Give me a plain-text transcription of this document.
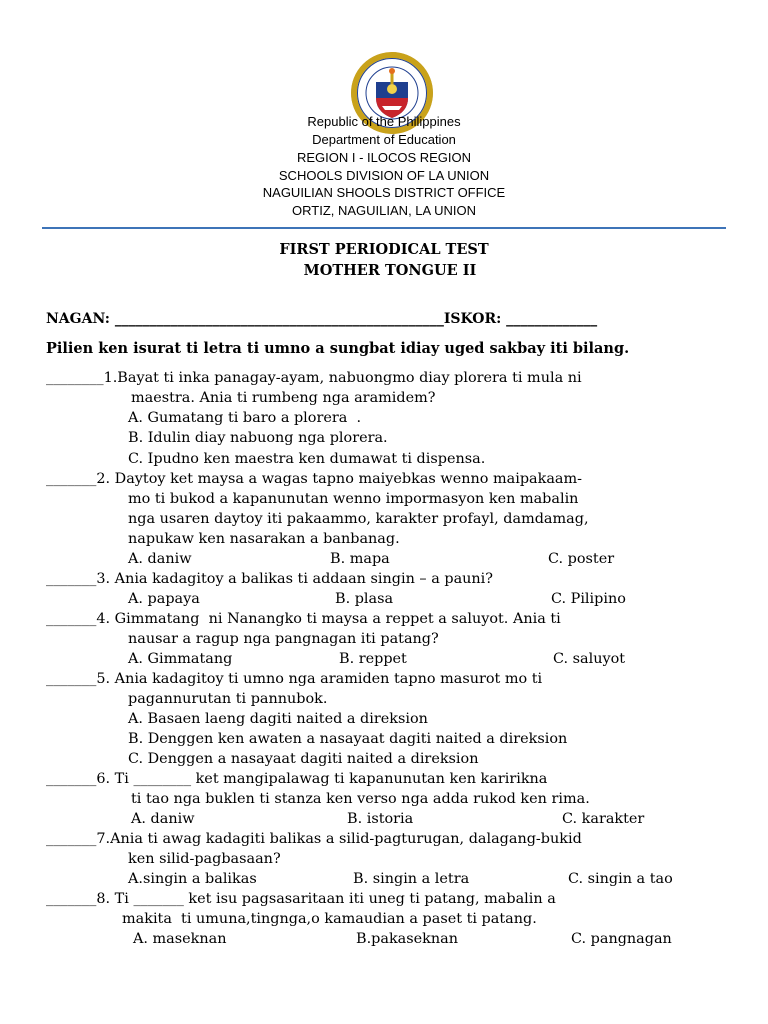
Republic of the Philippines
Department of Education
REGION I - ILOCOS REGION
SCHOOLS DIVISION OF LA UNION
NAGUILIAN SHOOLS DISTRICT OFFICE
ORTIZ, NAGUILIAN, LA UNION
FIRST PERIODICAL TEST
MOTHER TONGUE II
NAGAN: _______________________________________________ISKOR: _____________
Pilien ken isurat ti letra ti umno a sungbat idiay uged sakbay iti bilang.
________1.Bayat ti inka panagay-ayam, nabuongmo diay plorera ti mula ni
maestra. Ania ti rumbeng nga aramidem?
A. Gumatang ti baro a plorera  .
B. Idulin diay nabuong nga plorera.
C. Ipudno ken maestra ken dumawat ti dispensa.
_______2. Daytoy ket maysa a wagas tapno maiyebkas wenno maipakaam-
mo ti bukod a kapanunutan wenno impormasyon ken mabalin
nga usaren daytoy iti pakaammo, karakter profayl, damdamag,
napukaw ken nasarakan a banbanag.
A. daniw	B. mapa	C. poster
_______3. Ania kadagitoy a balikas ti addaan singin – a pauni?
A. papaya	B. plasa	C. Pilipino
_______4. Gimmatang  ni Nanangko ti maysa a reppet a saluyot. Ania ti
nausar a ragup nga pangnagan iti patang?
A. Gimmatang	B. reppet	C. saluyot
_______5. Ania kadagitoy ti umno nga aramiden tapno masurot mo ti
pagannurutan ti pannubok.
A. Basaen laeng dagiti naited a direksion
B. Denggen ken awaten a nasayaat dagiti naited a direksion
C. Denggen a nasayaat dagiti naited a direksion
_______6. Ti ________ ket mangipalawag ti kapanunutan ken karirikna
ti tao nga buklen ti stanza ken verso nga adda rukod ken rima.
A. daniw	B. istoria	C. karakter
_______7.Ania ti awag kadagiti balikas a silid-pagturugan, dalagang-bukid
ken silid-pagbasaan?
A.singin a balikas	B. singin a letra	C. singin a tao
_______8. Ti _______ ket isu pagsasaritaan iti uneg ti patang, mabalin a
makita  ti umuna,tingnga,o kamaudian a paset ti patang.
A. maseknan	B.pakaseknan	C. pangnagan
